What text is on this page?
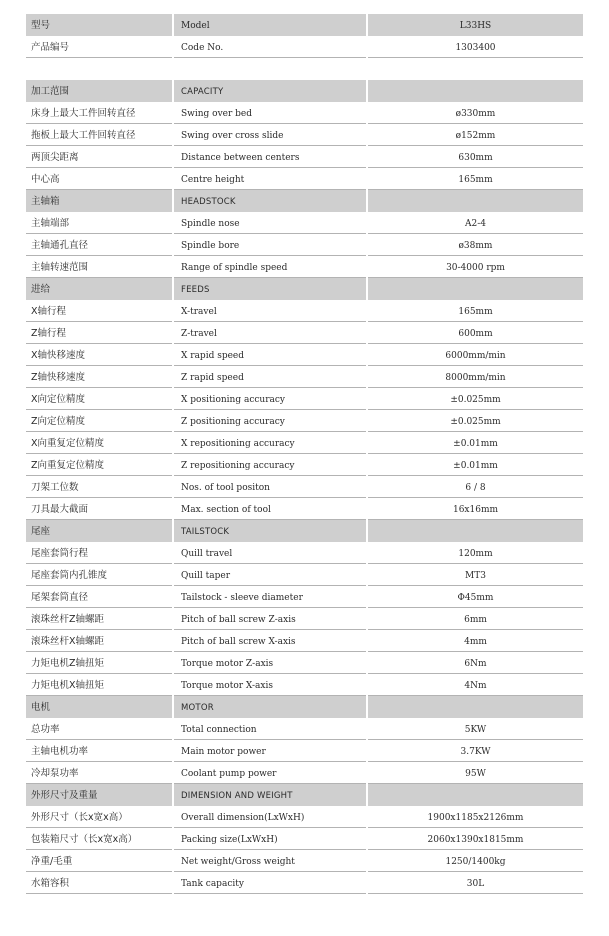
型号	Model	L33HS
产品编号	Code No.	1303400
加工范围	CAPACITY
床身上最大工件回转直径	Swing over bed	ø330mm
拖板上最大工件回转直径	Swing over cross slide	ø152mm
两顶尖距离	Distance between centers	630mm
中心高	Centre height	165mm
主轴箱	HEADSTOCK
主轴端部	Spindle nose	A2-4
主轴通孔直径	Spindle bore	ø38mm
主轴转速范围	Range of spindle speed	30-4000 rpm
进给	FEEDS
X轴行程	X-travel	165mm
Z轴行程	Z-travel	600mm
X轴快移速度	X rapid speed	6000mm/min
Z轴快移速度	Z rapid speed	8000mm/min
X向定位精度	X positioning accuracy	±0.025mm
Z向定位精度	Z positioning accuracy	±0.025mm
X向重复定位精度	X repositioning accuracy	±0.01mm
Z向重复定位精度	Z repositioning accuracy	±0.01mm
刀架工位数	Nos. of tool positon	6 / 8
刀具最大截面	Max. section of tool	16x16mm
尾座	TAILSTOCK
尾座套筒行程	Quill travel	120mm
尾座套筒内孔锥度	Quill taper	MT3
尾架套筒直径	Tailstock - sleeve diameter	Φ45mm
滚珠丝杆Z轴螺距	Pitch of ball screw Z-axis	6mm
滚珠丝杆X轴螺距	Pitch of ball screw X-axis	4mm
力矩电机Z轴扭矩	Torque motor Z-axis	6Nm
力矩电机X轴扭矩	Torque motor X-axis	4Nm
电机	MOTOR
总功率	Total connection	5KW
主轴电机功率	Main motor power	3.7KW
冷却泵功率	Coolant pump power	95W
外形尺寸及重量	DIMENSION AND WEIGHT
外形尺寸（长x宽x高）	Overall dimension(LxWxH)	1900x1185x2126mm
包装箱尺寸（长x宽x高）	Packing size(LxWxH)	2060x1390x1815mm
净重/毛重	Net weight/Gross weight	1250/1400kg
水箱容积	Tank capacity	30L
